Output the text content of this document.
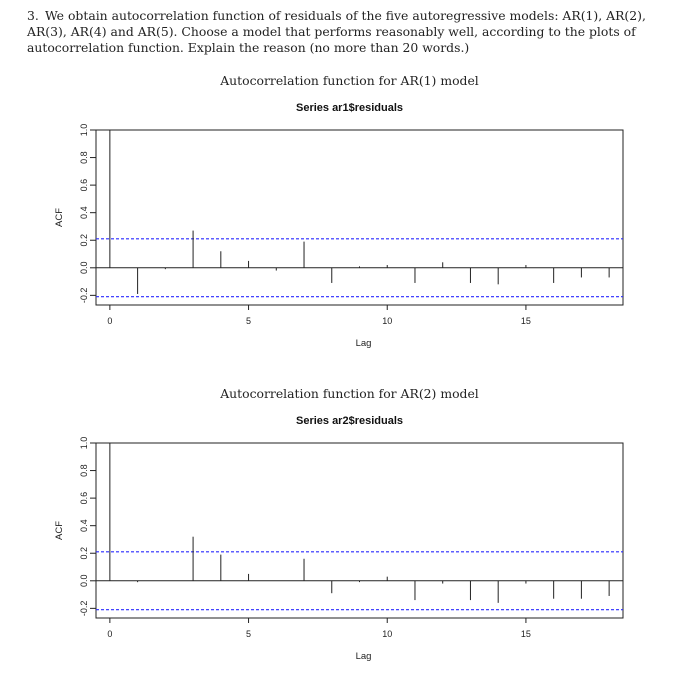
3. We obtain autocorrelation function of residuals of the five autoregressive models: AR(1), AR(2), AR(3), AR(4) and AR(5). Choose a model that performs reasonably well, according to the plots of autocorrelation function. Explain the reason (no more than 20 words.)
Autocorrelation function for AR(1) model
Series ar1$residuals
-0.2
0.0
0.2
0.4
0.6
0.8
1.0
0	5	10	15
Lag
ACF
Autocorrelation function for AR(2) model
Series ar2$residuals
-0.2
0.0
0.2
0.4
0.6
0.8
1.0
0	5	10	15
Lag
ACF
